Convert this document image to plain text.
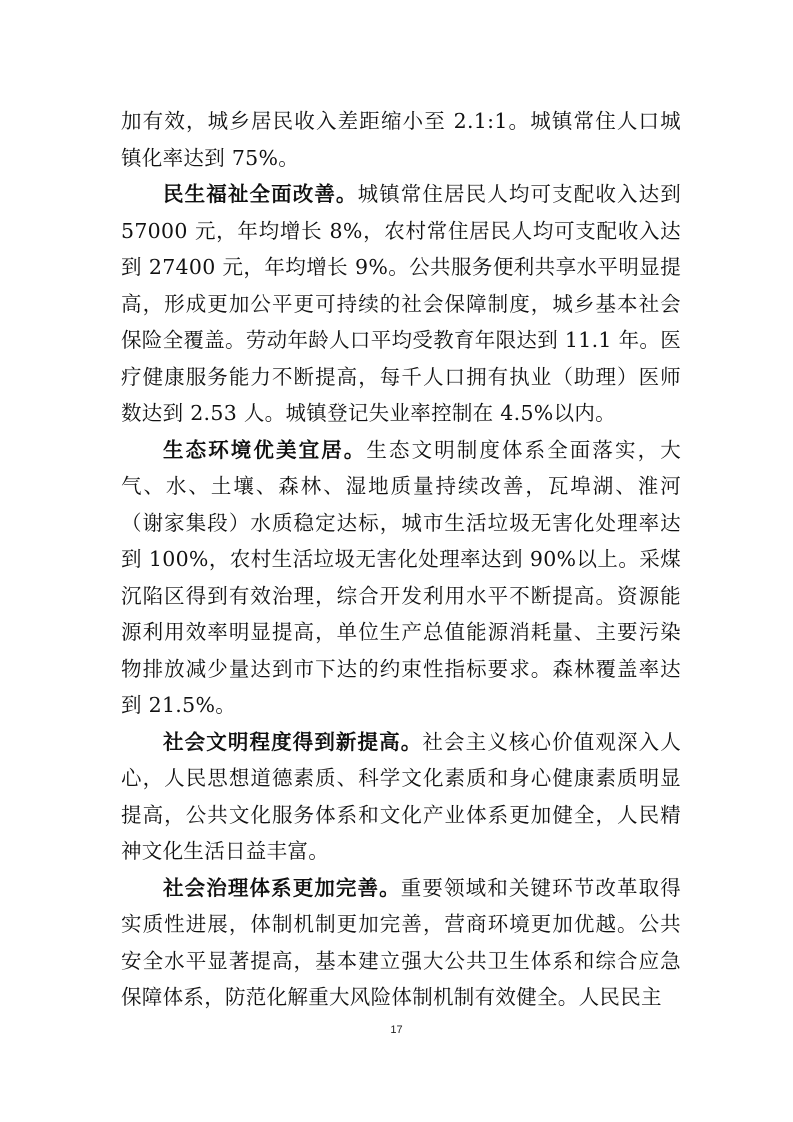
加有效，城乡居民收入差距缩小至 2.1:1。城镇常住人口城镇化率达到 75%。

民生福祉全面改善。城镇常住居民人均可支配收入达到 57000 元，年均增长 8%，农村常住居民人均可支配收入达到 27400 元，年均增长 9%。公共服务便利共享水平明显提高，形成更加公平更可持续的社会保障制度，城乡基本社会保险全覆盖。劳动年龄人口平均受教育年限达到 11.1 年。医疗健康服务能力不断提高，每千人口拥有执业（助理）医师数达到 2.53 人。城镇登记失业率控制在 4.5%以内。

生态环境优美宜居。生态文明制度体系全面落实，大气、水、土壤、森林、湿地质量持续改善，瓦埠湖、淮河（谢家集段）水质稳定达标，城市生活垃圾无害化处理率达到 100%，农村生活垃圾无害化处理率达到 90%以上。采煤沉陷区得到有效治理，综合开发利用水平不断提高。资源能源利用效率明显提高，单位生产总值能源消耗量、主要污染物排放减少量达到市下达的约束性指标要求。森林覆盖率达到 21.5%。

社会文明程度得到新提高。社会主义核心价值观深入人心，人民思想道德素质、科学文化素质和身心健康素质明显提高，公共文化服务体系和文化产业体系更加健全，人民精神文化生活日益丰富。

社会治理体系更加完善。重要领域和关键环节改革取得实质性进展，体制机制更加完善，营商环境更加优越。公共安全水平显著提高，基本建立强大公共卫生体系和综合应急保障体系，防范化解重大风险体制机制有效健全。人民民主

17
